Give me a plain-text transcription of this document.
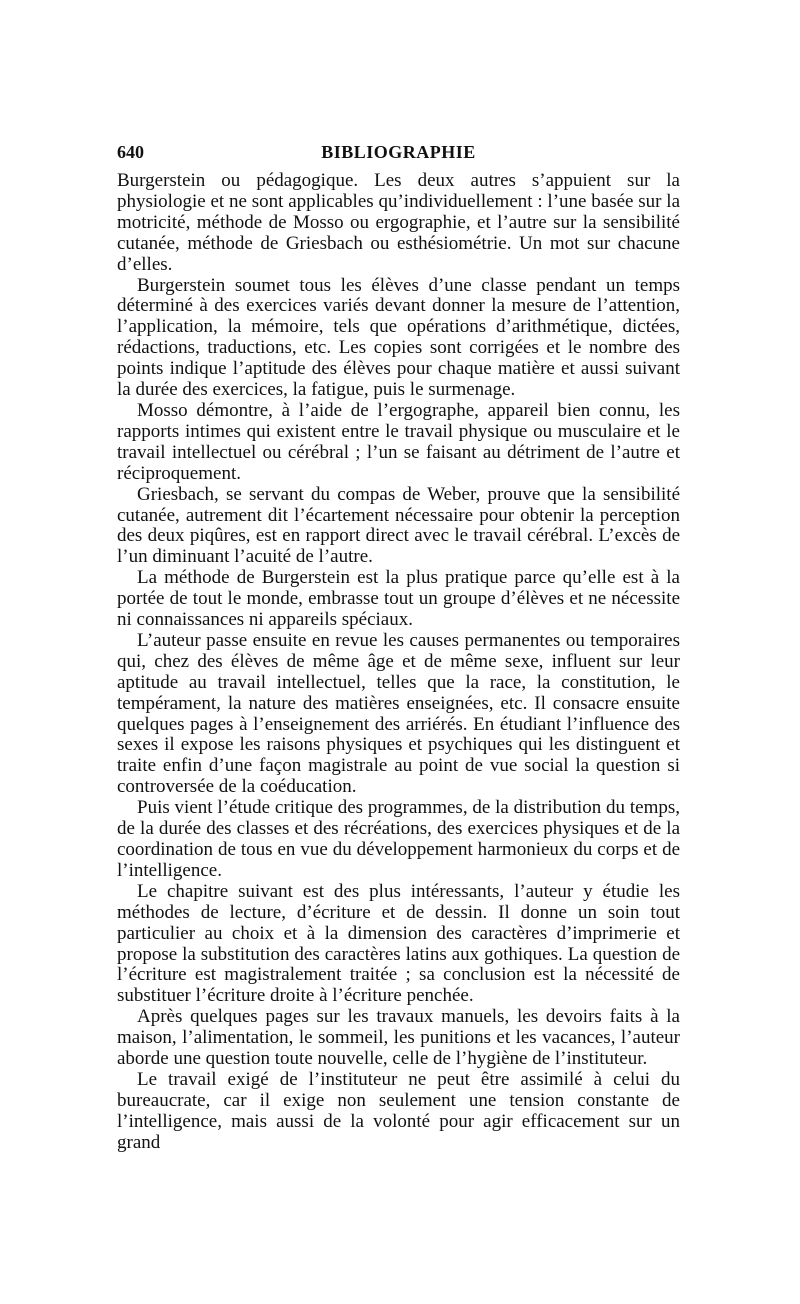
640	BIBLIOGRAPHIE

Burgerstein ou pédagogique. Les deux autres s’appuient sur la physiologie et ne sont applicables qu’individuellement : l’une basée sur la motricité, méthode de Mosso ou ergographie, et l’autre sur la sensibilité cutanée, méthode de Griesbach ou esthésiométrie. Un mot sur chacune d’elles.

Burgerstein soumet tous les élèves d’une classe pendant un temps déterminé à des exercices variés devant donner la mesure de l’attention, l’application, la mémoire, tels que opérations d’arithmétique, dictées, rédactions, traductions, etc. Les copies sont corrigées et le nombre des points indique l’aptitude des élèves pour chaque matière et aussi suivant la durée des exercices, la fatigue, puis le surmenage.

Mosso démontre, à l’aide de l’ergographe, appareil bien connu, les rapports intimes qui existent entre le travail physique ou musculaire et le travail intellectuel ou cérébral ; l’un se faisant au détriment de l’autre et réciproquement.

Griesbach, se servant du compas de Weber, prouve que la sensibilité cutanée, autrement dit l’écartement nécessaire pour obtenir la perception des deux piqûres, est en rapport direct avec le travail cérébral. L’excès de l’un diminuant l’acuité de l’autre.

La méthode de Burgerstein est la plus pratique parce qu’elle est à la portée de tout le monde, embrasse tout un groupe d’élèves et ne nécessite ni connaissances ni appareils spéciaux.

L’auteur passe ensuite en revue les causes permanentes ou temporaires qui, chez des élèves de même âge et de même sexe, influent sur leur aptitude au travail intellectuel, telles que la race, la constitution, le tempérament, la nature des matières enseignées, etc. Il consacre ensuite quelques pages à l’enseignement des arriérés. En étudiant l’influence des sexes il expose les raisons physiques et psychiques qui les distinguent et traite enfin d’une façon magistrale au point de vue social la question si controversée de la coéducation.

Puis vient l’étude critique des programmes, de la distribution du temps, de la durée des classes et des récréations, des exercices physiques et de la coordination de tous en vue du développement harmonieux du corps et de l’intelligence.

Le chapitre suivant est des plus intéressants, l’auteur y étudie les méthodes de lecture, d’écriture et de dessin. Il donne un soin tout particulier au choix et à la dimension des caractères d’imprimerie et propose la substitution des caractères latins aux gothiques. La question de l’écriture est magistralement traitée ; sa conclusion est la nécessité de substituer l’écriture droite à l’écriture penchée.

Après quelques pages sur les travaux manuels, les devoirs faits à la maison, l’alimentation, le sommeil, les punitions et les vacances, l’auteur aborde une question toute nouvelle, celle de l’hygiène de l’instituteur.

Le travail exigé de l’instituteur ne peut être assimilé à celui du bureaucrate, car il exige non seulement une tension constante de l’intelligence, mais aussi de la volonté pour agir efficacement sur un grand
